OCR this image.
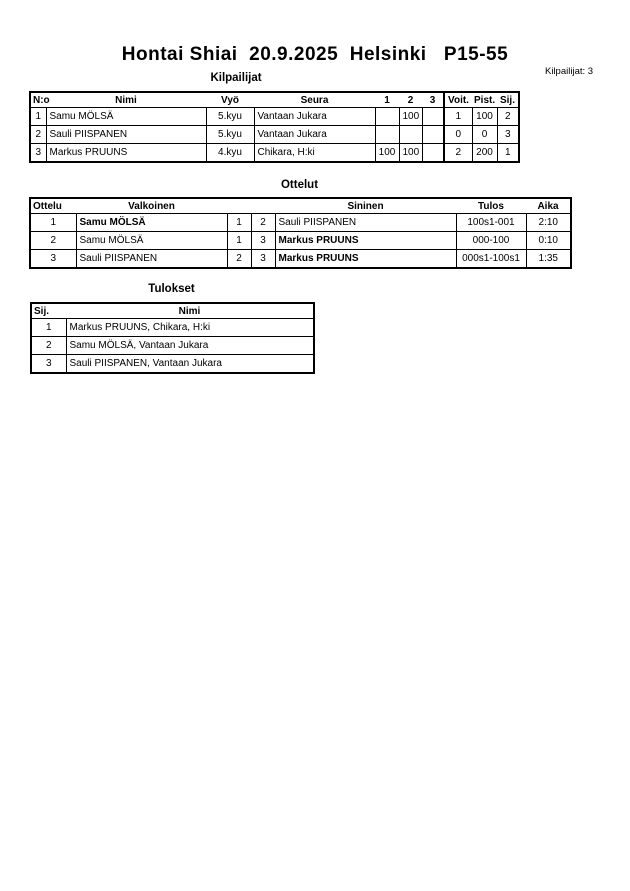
Hontai Shiai  20.9.2025  Helsinki   P15-55
Kilpailijat: 3
Kilpailijat
N:o	Nimi	Vyö	Seura	1	2	3	Voit.	Pist.	Sij.
1	Samu MÖLSÄ	5.kyu	Vantaan Jukara		100		1	100	2
2	Sauli PIISPANEN	5.kyu	Vantaan Jukara				0	0	3
3	Markus PRUUNS	4.kyu	Chikara, H:ki	100	100		2	200	1
Ottelut
Ottelu	Valkoinen			Sininen	Tulos	Aika
1	Samu MÖLSÄ	1	2	Sauli PIISPANEN	100s1-001	2:10
2	Samu MÖLSÄ	1	3	Markus PRUUNS	000-100	0:10
3	Sauli PIISPANEN	2	3	Markus PRUUNS	000s1-100s1	1:35
Tulokset
Sij.	Nimi
1	Markus PRUUNS, Chikara, H:ki
2	Samu MÖLSÄ, Vantaan Jukara
3	Sauli PIISPANEN, Vantaan Jukara
